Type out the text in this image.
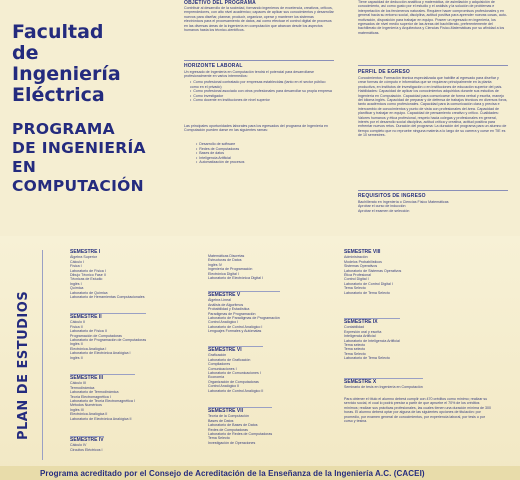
Facultad
de
Ingeniería
Eléctrica
PROGRAMA
DE INGENIERÍA
EN
COMPUTACIÓN
OBJETIVO DEL PROGRAMA
Contribuir al desarrollo de la sociedad, formando ingenieros de excelencia, creativos, críticos, emprendedores, con alto nivel académico; capaces de aplicar sus conocimientos y desarrollar nuevos para diseñar, planear, producir, organizar, operar y mantener los sistemas electrónicos para el procesamiento de datos, así como efectuar el control digital de procesos en las diversas áreas de la ingeniería en computación que abarcan desde los aspectos humanos hasta los técnico-científicos.
HORIZONTE LABORAL
Un egresado de Ingeniería en Computación tendrá el potencial para desarrollarse profesionalmente en varios intermedios:
• Como profesional contratado por empresas establecidas (tanto en el sector público como en el privado)
• Como profesional asociado con otros profesionales para desarrollar su propia empresa
• Como investigador
• Como docente en instituciones de nivel superior
Las principales oportunidades laborales para los egresados del programa de Ingeniería en Computación pueden darse en las siguientes ramas:
• Desarrollo de software
• Redes de Computadoras
• Bases de datos
• Inteligencia Artificial
• Automatización de procesos
Tiene capacidad de deducción analítica y matemática, de asimilación y adquisición de conocimiento, así como gusto por el estudio y el análisis y la solución de problemas e interpretación de los fenómenos naturales. Requiere hacer compromisos profesionales y en general hacia su entorno social, disciplina, actitud positiva para aprender nuevas cosas, auto-motivación, disposición para trabajar en equipo. Poseer un egresado en ingeniería, los egresados de nivel medio superior de las áreas del bachillerato, preferentemente del bachillerato de Ingeniería y Arquitectura y Ciencias Físico-Matemáticas por su afinidad a los matemáticas.
PERFIL DE EGRESO
Conocimientos: Formación técnica especializada que habilite al egresado para diseñar y crear formas de cómputo e informática que se requieran principalmente en la planta productiva, en institutos de investigación o en instituciones de educación superior del país. Habilidades: Capacidad de aplicar los conocimientos adquiridos durante sus estudios de Ingeniería en Computación. Capacidad para comunicarse de forma verbal y escrita, manejo del idioma inglés. Capacidad de preparar y de defensa de trabajos técnicos en diversos foros, tanto académicos como profesionales. Capacidad para la comunicación clara y precisa e intercambio de conocimientos y punto de vista con profesionales del área. Capacidad de planificar y trabajar en equipo. Capacidad de pensamiento creativo y crítico. Cualidades: Valores humanos y ética profesional, respeto hacia colegas y profesionales en general, interés por el desarrollo social disciplina, actitud crítica y creativa, actitud positiva para enfrentar nuevos retos. Duración del programa: La duración del programa para un alumno de tiempo completo que no repruebe ninguna materia a lo largo de su carrera y curse en TIE es de 10 semestres.
REQUISITOS DE INGRESO
Bachillerato en Ingeniería o Ciencias Físico Matemáticas
Aprobar el curso de inducción
Aprobar el examen de selección
PLAN DE ESTUDIOS
SEMESTRE I
Álgebra Superior
Cálculo I
Física I
Laboratorio de Física I
Dibujo Técnico Fase II
Técnicas de Estudio
Inglés I
Química
Laboratorio de Química
Laboratorio de Herramientas Computacionales
SEMESTRE II
Cálculo II
Física II
Laboratorio de Física II
Programación de Computadoras
Laboratorio de Programación de Computadoras
Inglés II
Electrónica Analógica I
Laboratorio de Electrónica Analógica I
Inglés II
SEMESTRE III
Cálculo III
Termodinámica
Laboratorio de Termodinámica
Teoría Electromagnética I
Laboratorio de Teoría Electromagnética I
Métodos Numéricos
Inglés III
Electrónica Analógica II
Laboratorio de Electrónica Analógica II
SEMESTRE IV
Cálculo IV
Circuitos Eléctricos I
Matemáticas Discretas
Estructuras de Datos
Inglés IV
Ingeniería de Programación
Electrónica Digital I
Laboratorio de Electrónica Digital I
SEMESTRE V
Álgebra Lineal
Análisis de Algoritmos
Probabilidad y Estadística
Paradigmas de Programación
Laboratorio de Paradigmas de Programación
Control Analógico I
Laboratorio de Control Analógico I
Lenguajes Formales y Autómatas
SEMESTRE VI
Graficación
Laboratorio de Graficación
Compiladores
Comunicaciones I
Laboratorio de Comunicaciones I
Economía
Organización de Computadoras
Control Analógico II
Laboratorio de Control Analógico II
SEMESTRE VII
Teoría de la Computación
Bases de Datos
Laboratorio de Bases de Datos
Redes de Computadoras
Laboratorio de Redes de Computadoras
Tema Selecto
Investigación de Operaciones
SEMESTRE VIII
Administración
Modelos Probabilísticos
Sistemas Operativos
Laboratorio de Sistemas Operativos
Ética Profesional
Control Digital I
Laboratorio de Control Digital I
Tema Selecto
Laboratorio de Tema Selecto
SEMESTRE IX
Contabilidad
Expresión oral y escrita
Inteligencia Artificial
Laboratorio de Inteligencia Artificial
Tema selecto
Tema selecto
Tema Selecto
Laboratorio de Tema Selecto
SEMESTRE X
Seminario de tesis en Ingeniería en Computación
Para obtener el título el alumno deberá cumplir con 470 créditos como mínimo; realizar su servicio social, el cual lo podrá prestar a partir de que apruebe el 70% de los créditos mínimos; realizar sus prácticas profesionales, las cuales tienen una duración mínima de 300 horas. El alumno deberá optar por alguna de las siguientes opciones de titulación: por promedio, por examen general de conocimientos, por experiencia laboral, por tesis o por curso y tesina.
Programa acreditado por el Consejo de Acreditación de la Enseñanza de la Ingeniería A.C. (CACEI)
